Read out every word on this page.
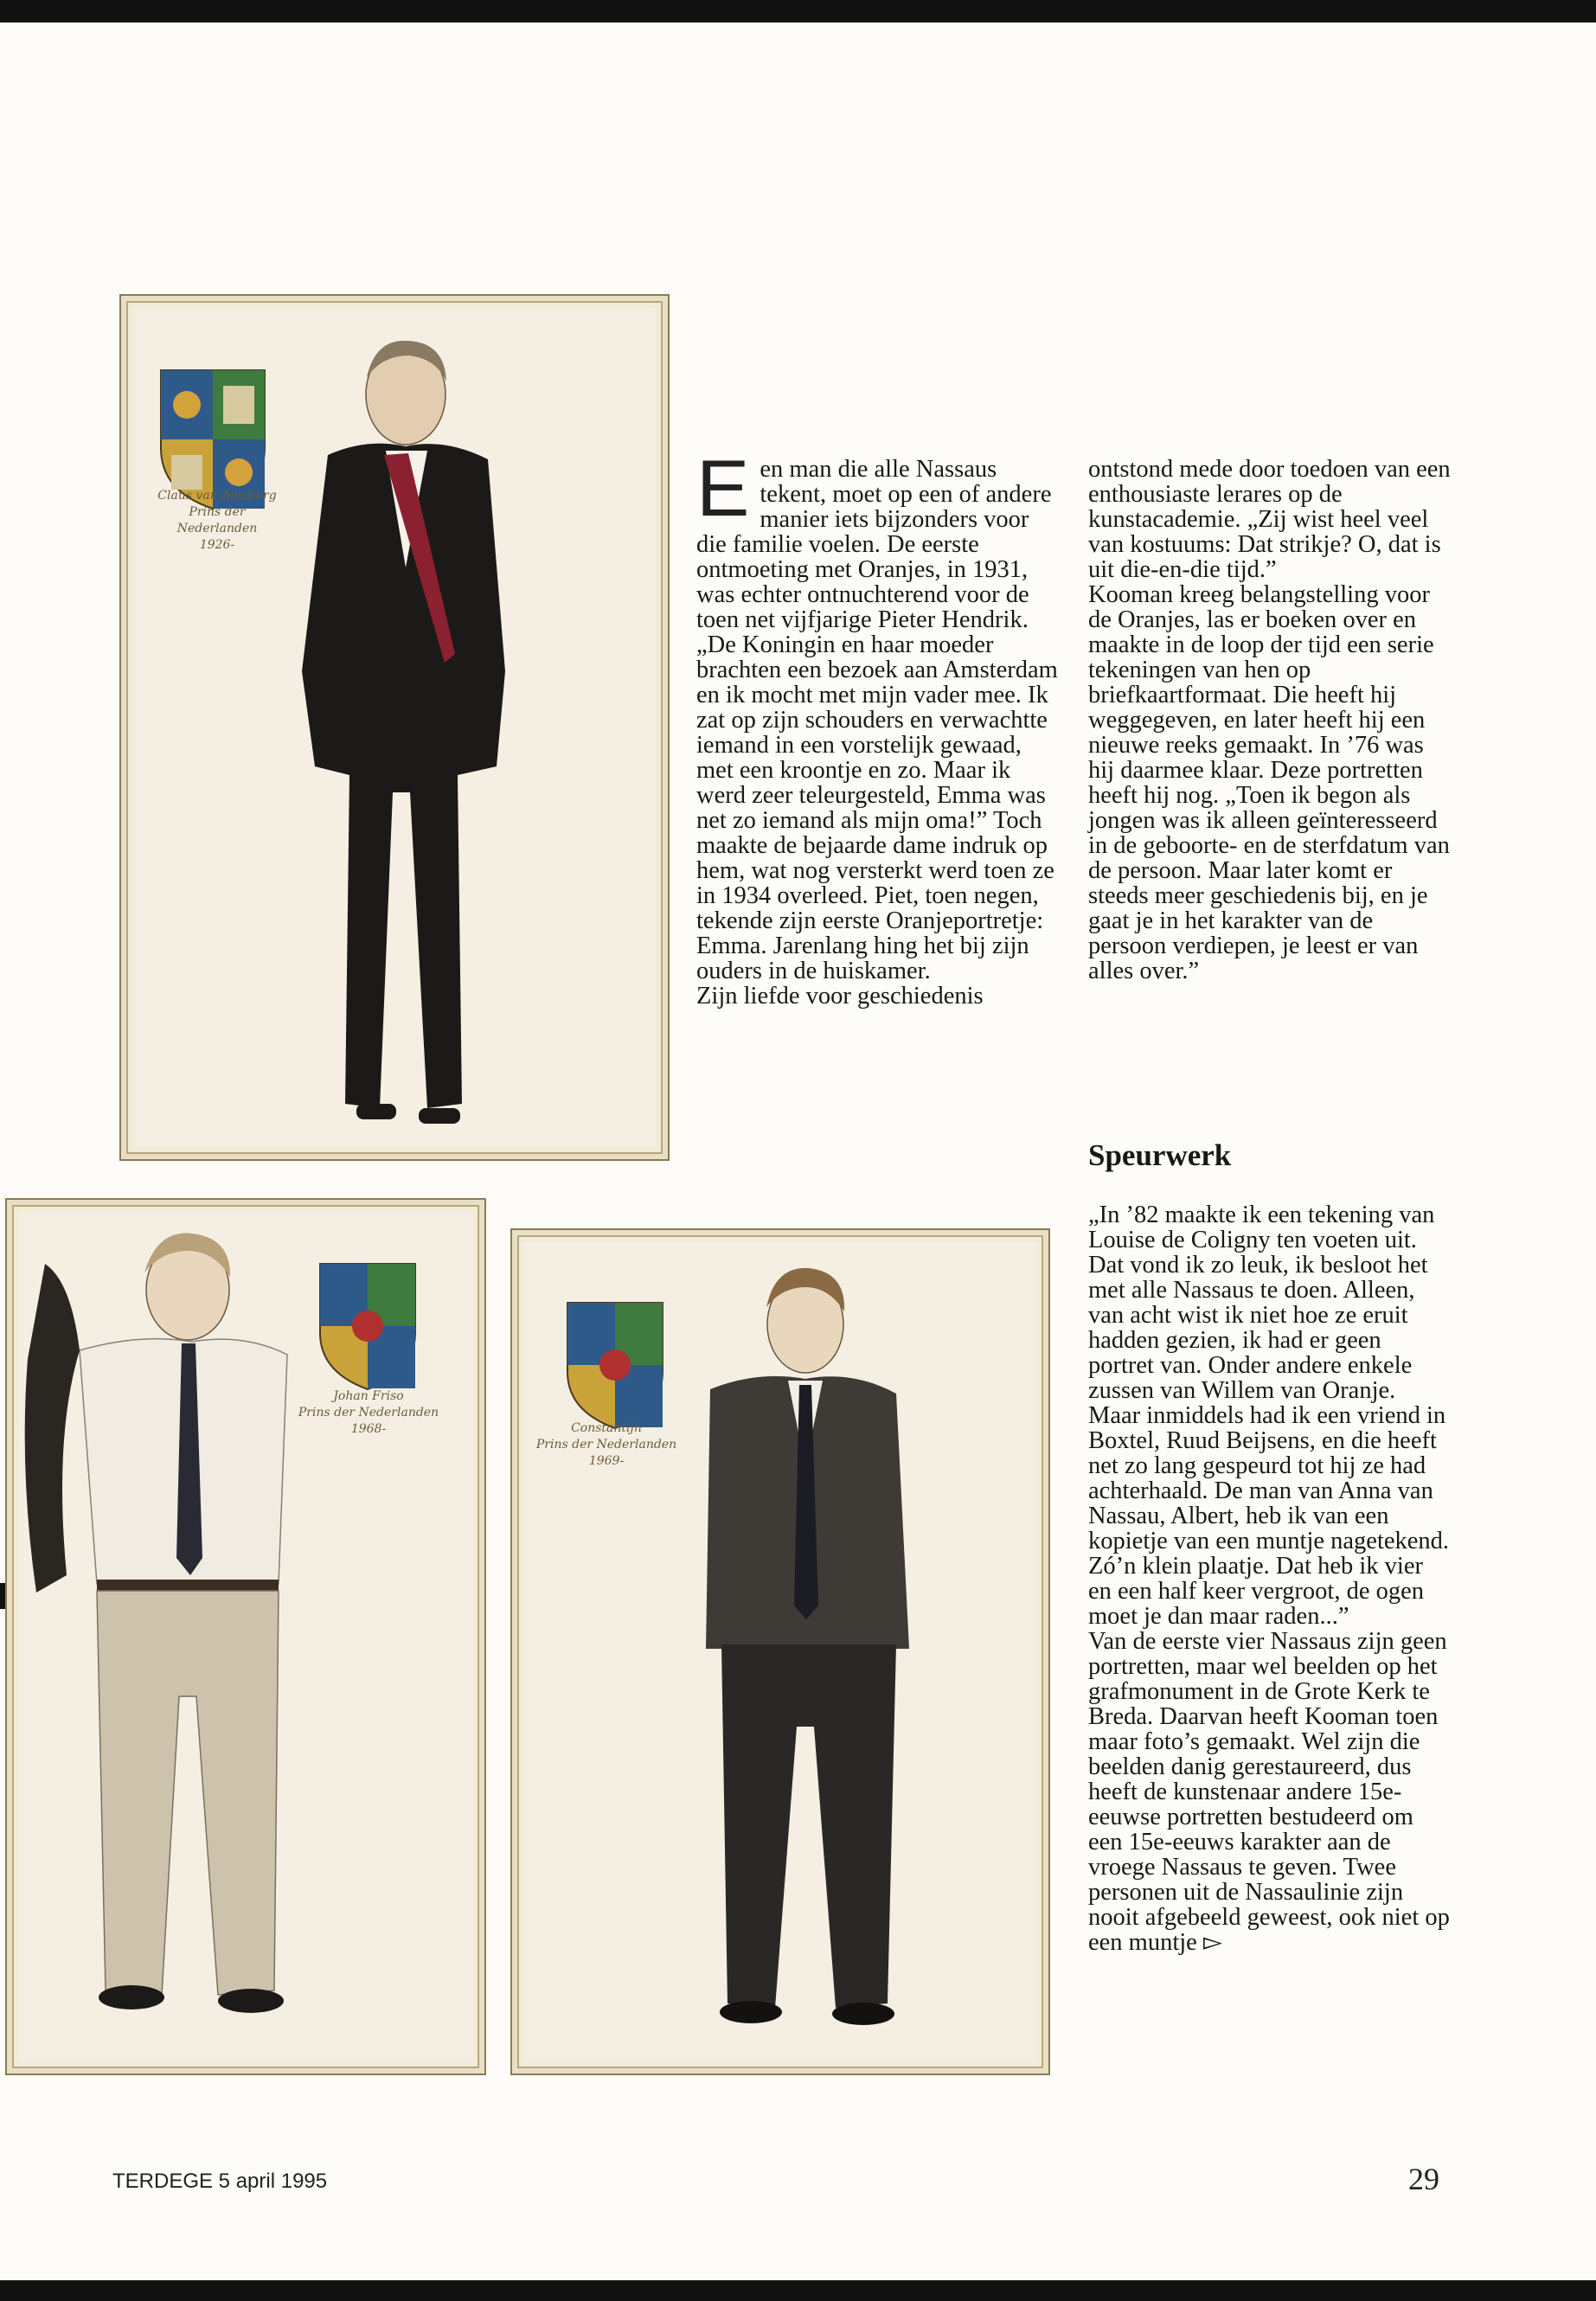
Claus van Amsberg
Prins der Nederlanden
1926-
Johan Friso
Prins der Nederlanden
1968-	Constantijn
Prins der Nederlanden
1969-

Een man die alle Nassaus tekent, moet op een of andere manier iets bijzonders voor die familie voelen. De eerste ontmoeting met Oranjes, in 1931, was echter ontnuchterend voor de toen net vijfjarige Pieter Hendrik. „De Koningin en haar moeder brachten een bezoek aan Amsterdam en ik mocht met mijn vader mee. Ik zat op zijn schouders en verwachtte iemand in een vorstelijk gewaad, met een kroontje en zo. Maar ik werd zeer teleurgesteld, Emma was net zo iemand als mijn oma!” Toch maakte de bejaarde dame indruk op hem, wat nog versterkt werd toen ze in 1934 overleed. Piet, toen negen, tekende zijn eerste Oranjeportretje: Emma. Jarenlang hing het bij zijn ouders in de huiskamer.

Zijn liefde voor geschiedenis

ontstond mede door toedoen van een enthousiaste lerares op de kunstacademie. „Zij wist heel veel van kostuums: Dat strikje? O, dat is uit die-en-die tijd.”

Kooman kreeg belangstelling voor de Oranjes, las er boeken over en maakte in de loop der tijd een serie tekeningen van hen op briefkaartformaat. Die heeft hij weggegeven, en later heeft hij een nieuwe reeks gemaakt. In ’76 was hij daarmee klaar. Deze portretten heeft hij nog. „Toen ik begon als jongen was ik alleen geïnteresseerd in de geboorte- en de sterfdatum van de persoon. Maar later komt er steeds meer geschiedenis bij, en je gaat je in het karakter van de persoon verdiepen, je leest er van alles over.”

Speurwerk

„In ’82 maakte ik een tekening van Louise de Coligny ten voeten uit. Dat vond ik zo leuk, ik besloot het met alle Nassaus te doen. Alleen, van acht wist ik niet hoe ze eruit hadden gezien, ik had er geen portret van. Onder andere enkele zussen van Willem van Oranje. Maar inmiddels had ik een vriend in Boxtel, Ruud Beijsens, en die heeft net zo lang gespeurd tot hij ze had achterhaald. De man van Anna van Nassau, Albert, heb ik van een kopietje van een muntje nagetekend. Zó’n klein plaatje. Dat heb ik vier en een half keer vergroot, de ogen moet je dan maar raden...”

Van de eerste vier Nassaus zijn geen portretten, maar wel beelden op het grafmonument in de Grote Kerk te Breda. Daarvan heeft Kooman toen maar foto’s gemaakt. Wel zijn die beelden danig gerestaureerd, dus heeft de kunstenaar andere 15e-eeuwse portretten bestudeerd om een 15e-eeuws karakter aan de vroege Nassaus te geven. Twee personen uit de Nassaulinie zijn nooit afgebeeld geweest, ook niet op een muntje ▻

TERDEGE 5 april 1995	29
